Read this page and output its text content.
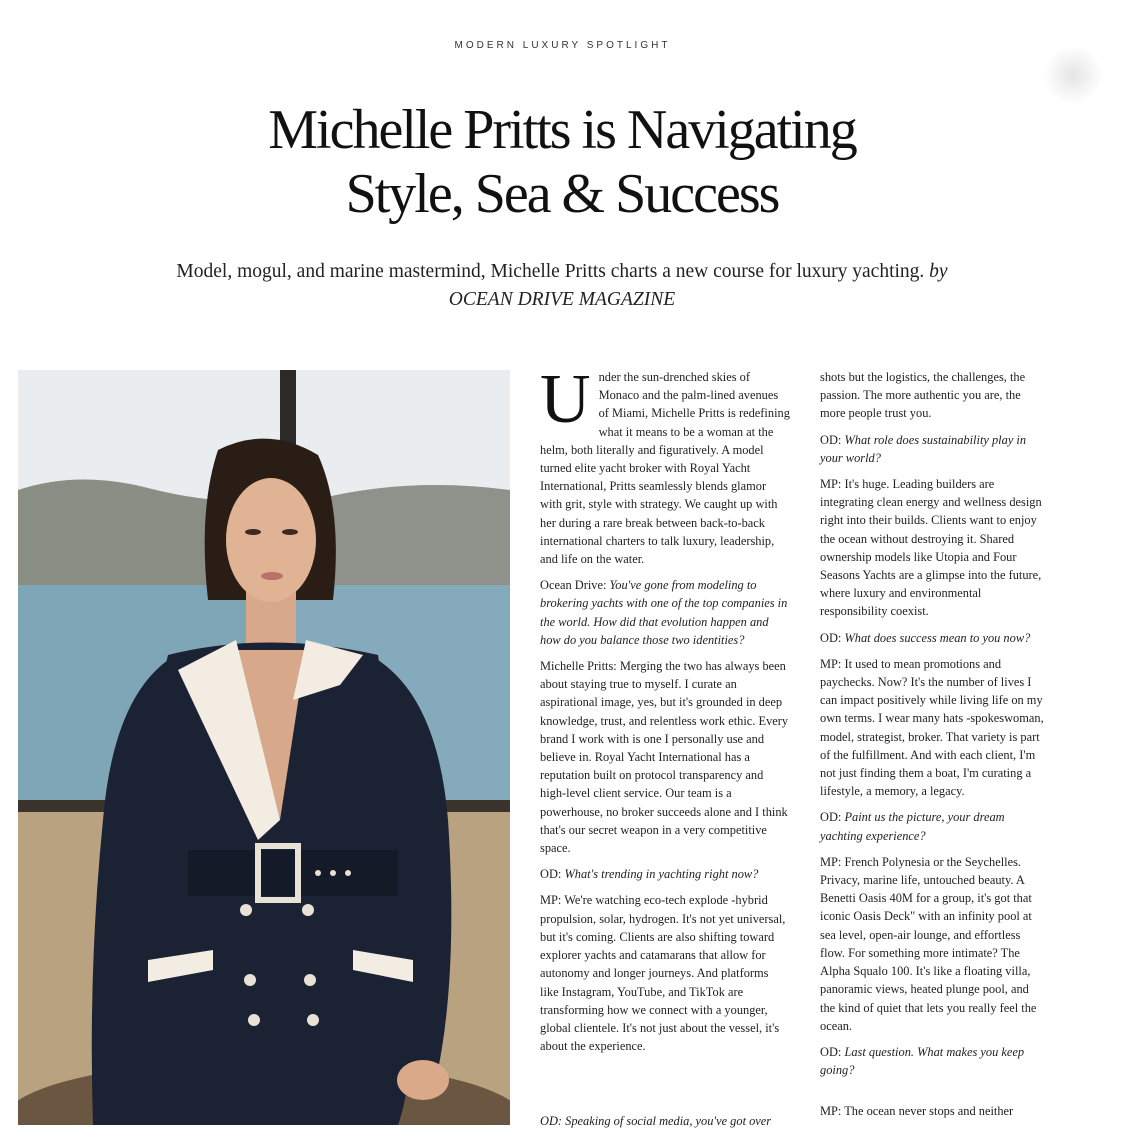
MODERN LUXURY SPOTLIGHT
Michelle Pritts is Navigating
Style, Sea & Success

Model, mogul, and marine mastermind, Michelle Pritts charts a new course for luxury yachting. by OCEAN DRIVE MAGAZINE

Under the sun-drenched skies of Monaco and the palm-lined avenues of Miami, Michelle Pritts is redefining what it means to be a woman at the helm, both literally and figuratively. A model turned elite yacht broker with Royal Yacht International, Pritts seamlessly blends glamor with grit, style with strategy. We caught up with her during a rare break between back-to-back international charters to talk luxury, leadership, and life on the water.

Ocean Drive: You've gone from modeling to brokering yachts with one of the top companies in the world. How did that evolution happen and how do you balance those two identities?

Michelle Pritts: Merging the two has always been about staying true to myself. I curate an aspirational image, yes, but it's grounded in deep knowledge, trust, and relentless work ethic. Every brand I work with is one I personally use and believe in. Royal Yacht International has a reputation built on protocol transparency and high-level client service. Our team is a powerhouse, no broker succeeds alone and I think that's our secret weapon in a very competitive space.

OD: What's trending in yachting right now?

MP: We're watching eco-tech explode -hybrid propulsion, solar, hydrogen. It's not yet universal, but it's coming. Clients are also shifting toward explorer yachts and catamarans that allow for autonomy and longer journeys. And platforms like Instagram, YouTube, and TikTok are transforming how we connect with a younger, global clientele. It's not just about the vessel, it's about the experience.

OD: Speaking of social media, you've got over

shots but the logistics, the challenges, the passion. The more authentic you are, the more people trust you.

OD: What role does sustainability play in your world?

MP: It's huge. Leading builders are integrating clean energy and wellness design right into their builds. Clients want to enjoy the ocean without destroying it. Shared ownership models like Utopia and Four Seasons Yachts are a glimpse into the future, where luxury and environmental responsibility coexist.

OD: What does success mean to you now?

MP: It used to mean promotions and paychecks. Now? It's the number of lives I can impact positively while living life on my own terms. I wear many hats -spokeswoman, model, strategist, broker. That variety is part of the fulfillment. And with each client, I'm not just finding them a boat, I'm curating a lifestyle, a memory, a legacy.

OD: Paint us the picture, your dream yachting experience?

MP: French Polynesia or the Seychelles. Privacy, marine life, untouched beauty. A Benetti Oasis 40M for a group, it's got that iconic Oasis Deck" with an infinity pool at sea level, open-air lounge, and effortless flow. For something more intimate? The Alpha Squalo 100. It's like a floating villa, panoramic views, heated plunge pool, and the kind of quiet that lets you really feel the ocean.

OD: Last question. What makes you keep going?

MP: The ocean never stops and neither
